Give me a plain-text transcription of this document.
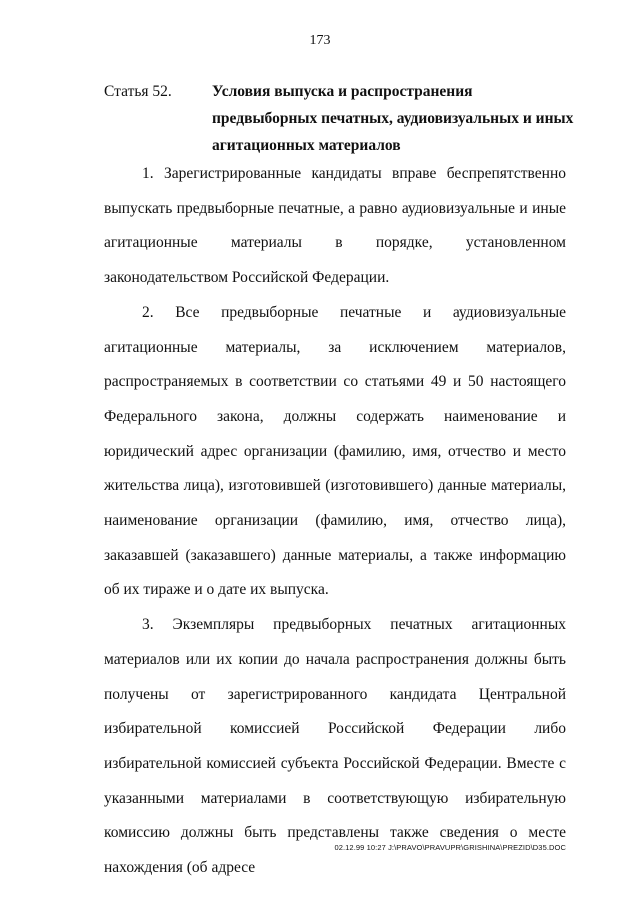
173
Статья 52.	Условия выпуска и распространения предвыборных печатных, аудиовизуальных и иных агитационных материалов

1. Зарегистрированные кандидаты вправе беспрепятственно выпускать предвыборные печатные, а равно аудиовизуальные и иные агитационные материалы в порядке, установленном законодательством Российской Федерации.

2. Все предвыборные печатные и аудиовизуальные агитационные материалы, за исключением материалов, распространяемых в соответствии со статьями 49 и 50 настоящего Федерального закона, должны содержать наименование и юридический адрес организации (фамилию, имя, отчество и место жительства лица), изготовившей (изготовившего) данные материалы, наименование организации (фамилию, имя, отчество лица), заказавшей (заказавшего) данные материалы, а также информацию об их тираже и о дате их выпуска.

3. Экземпляры предвыборных печатных агитационных материалов или их копии до начала распространения должны быть получены от зарегистрированного кандидата Центральной избирательной комиссией Российской Федерации либо избирательной комиссией субъекта Российской Федерации. Вместе с указанными материалами в соответствующую избирательную комиссию должны быть представлены также сведения о месте нахождения (об адресе

02.12.99 10:27 J:\PRAVO\PRAVUPR\GRISHINA\PREZID\D35.DOC
